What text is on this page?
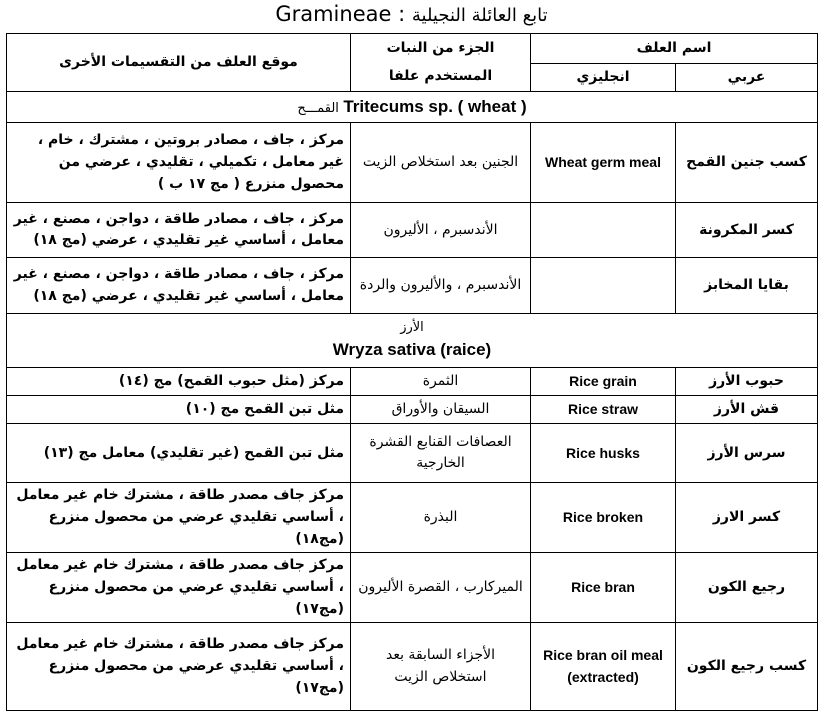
Gramineae : تابع العائلة النجيلية
موقع العلف من التقسيمات الأخرى	الجزء من النبات	اسم العلف	
	المستخدم علفا	انجليزي	عربي
Tritecums sp. ( wheat ) القمـــح			
مركز ، جاف ، مصادر بروتين ، مشترك ، خام ، غير معامل ، تكميلي ، تقليدي ، عرضي من محصول منزرع ( مج ١٧ ب )	الجنين بعد استخلاص الزيت	Wheat germ meal	كسب جنين القمح
مركز ، جاف ، مصادر طاقة ، دواجن ، مصنع ، غير معامل ، أساسي غير تقليدي ، عرضي (مج ١٨)	الأندسبرم ، الأليرون		كسر المكرونة
مركز ، جاف ، مصادر طاقة ، دواجن ، مصنع ، غير معامل ، أساسي غير تقليدي ، عرضي (مج ١٨)	الأندسبرم ، والأليرون والردة		بقايا المخابز

الأرز
Wryza sativa (raice)			

مركز (مثل حبوب القمح) مج (١٤)	الثمرة	Rice grain	حبوب الأرز
مثل تبن القمح مج (١٠)	السيقان والأوراق	Rice straw	قش الأرز
مثل تبن القمح (غير تقليدي) معامل مج (١٣)	العصافات القنابع القشرة الخارجية	Rice husks	سرس الأرز
مركز جاف مصدر طاقة ، مشترك خام غير معامل ، أساسي تقليدي عرضي من محصول منزرع (مج١٨)	البذرة	Rice broken	كسر الارز
مركز جاف مصدر طاقة ، مشترك خام غير معامل ، أساسي تقليدي عرضي من محصول منزرع (مج١٧)	الميركارب ، القصرة الأليرون	Rice bran	رجيع الكون
مركز جاف مصدر طاقة ، مشترك خام غير معامل ، أساسي تقليدي عرضي من محصول منزرع (مج١٧)	الأجزاء السابقة بعد استخلاص الزيت	Rice bran oil meal (extracted)	كسب رجيع الكون
